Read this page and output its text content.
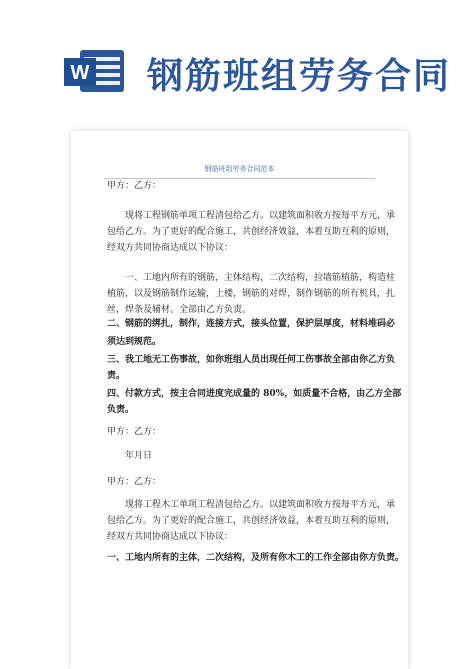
W 钢筋班组劳务合同
钢筋班组劳务合同范本
甲方：乙方：
　　现将工程钢筋单项工程清包给乙方。以建筑面积收方按每平方元，承
包给乙方。为了更好的配合施工，共创经济效益，本着互助互利的原则，
经双方共同协商达成以下协议：
　　一、工地内所有的钢筋，主体结构，二次结构，拉墙筋植筋，构造柱
植筋，以及钢筋制作运输，上楼，钢筋的对焊，制作钢筋的所有机具，扎
丝，焊条及辅材。全部由乙方负责。
二、钢筋的绑扎，制作，连接方式，接头位置，保护层厚度，材料堆码必
须达到规范。
三、我工地无工伤事故，如你班组人员出现任何工伤事故全部由你乙方负
责。
四、付款方式，按主合同进度完成量的 80%，如质量不合格，由乙方全部
负责。
甲方：乙方：
　　年月日
甲方：乙方：
　　现将工程木工单项工程清包给乙方。以建筑面积收方按每平方元，承
包给乙方。为了更好的配合施工，共创经济效益，本着互助互利的原则，
经双方共同协商达成以下协议：
一、工地内所有的主体，二次结构，及所有你木工的工作全部由你方负责。
